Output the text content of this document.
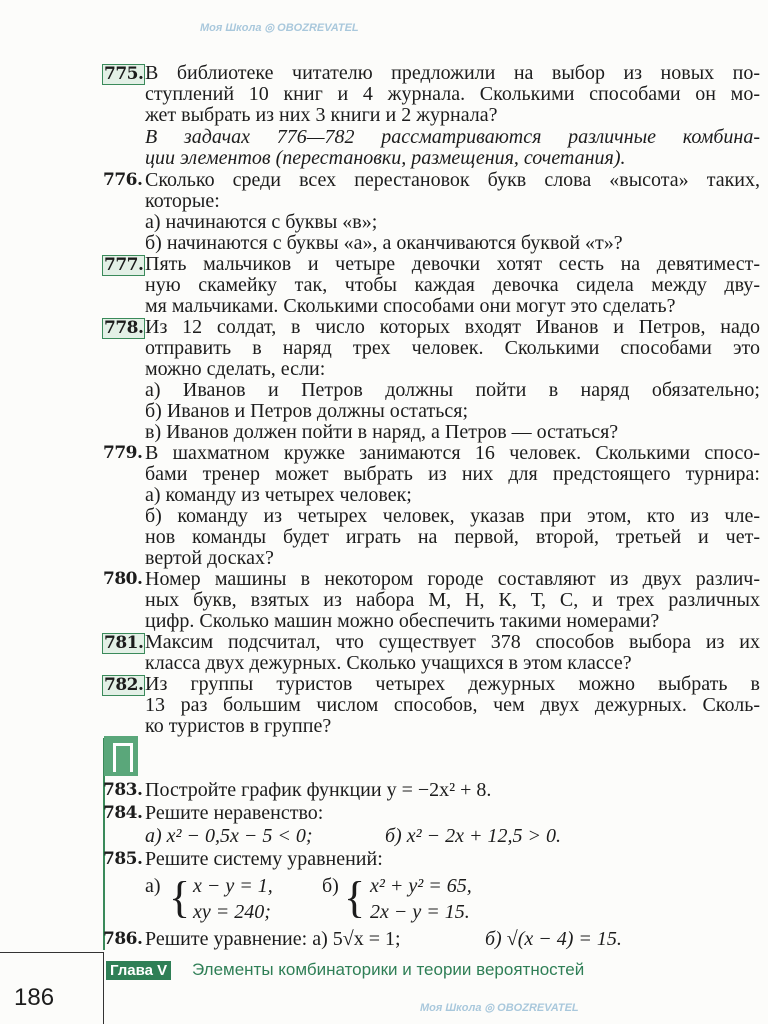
Моя Школа ◎ OBOZREVATEL
Моя Школа ◎ OBOZREVATEL
775. В библиотеке читателю предложили на выбор из новых по-
ступлений 10 книг и 4 журнала. Сколькими способами он мо-
жет выбрать из них 3 книги и 2 журнала?
В задачах 776—782 рассматриваются различные комбина-
ции элементов (перестановки, размещения, сочетания).
776. Сколько среди всех перестановок букв слова «высота» таких,
которые:
а) начинаются с буквы «в»;
б) начинаются с буквы «а», а оканчиваются буквой «т»?
777. Пять мальчиков и четыре девочки хотят сесть на девятимест-
ную скамейку так, чтобы каждая девочка сидела между дву-
мя мальчиками. Сколькими способами они могут это сделать?
778. Из 12 солдат, в число которых входят Иванов и Петров, надо
отправить в наряд трех человек. Сколькими способами это
можно сделать, если:
а) Иванов и Петров должны пойти в наряд обязательно;
б) Иванов и Петров должны остаться;
в) Иванов должен пойти в наряд, а Петров — остаться?
779. В шахматном кружке занимаются 16 человек. Сколькими спосо-
бами тренер может выбрать из них для предстоящего турнира:
а) команду из четырех человек;
б) команду из четырех человек, указав при этом, кто из чле-
нов команды будет играть на первой, второй, третьей и чет-
вертой досках?
780. Номер машины в некотором городе составляют из двух различ-
ных букв, взятых из набора М, Н, К, Т, С, и трех различных
цифр. Сколько машин можно обеспечить такими номерами?
781. Максим подсчитал, что существует 378 способов выбора из их
класса двух дежурных. Сколько учащихся в этом классе?
782. Из группы туристов четырех дежурных можно выбрать в
13 раз большим числом способов, чем двух дежурных. Сколь-
ко туристов в группе?
783. Постройте график функции y = −2x² + 8.
784. Решите неравенство:
а) x² − 0,5x − 5 < 0;	б) x² − 2x + 12,5 > 0.
785. Решите систему уравнений:
а) { x − y = 1,
xy = 240;
б) { x² + y² = 65,
2x − y = 15.
786. Решите уравнение: а) 5√x = 1;	б) √(x − 4) = 15.
186
Глава V Элементы комбинаторики и теории вероятностей
